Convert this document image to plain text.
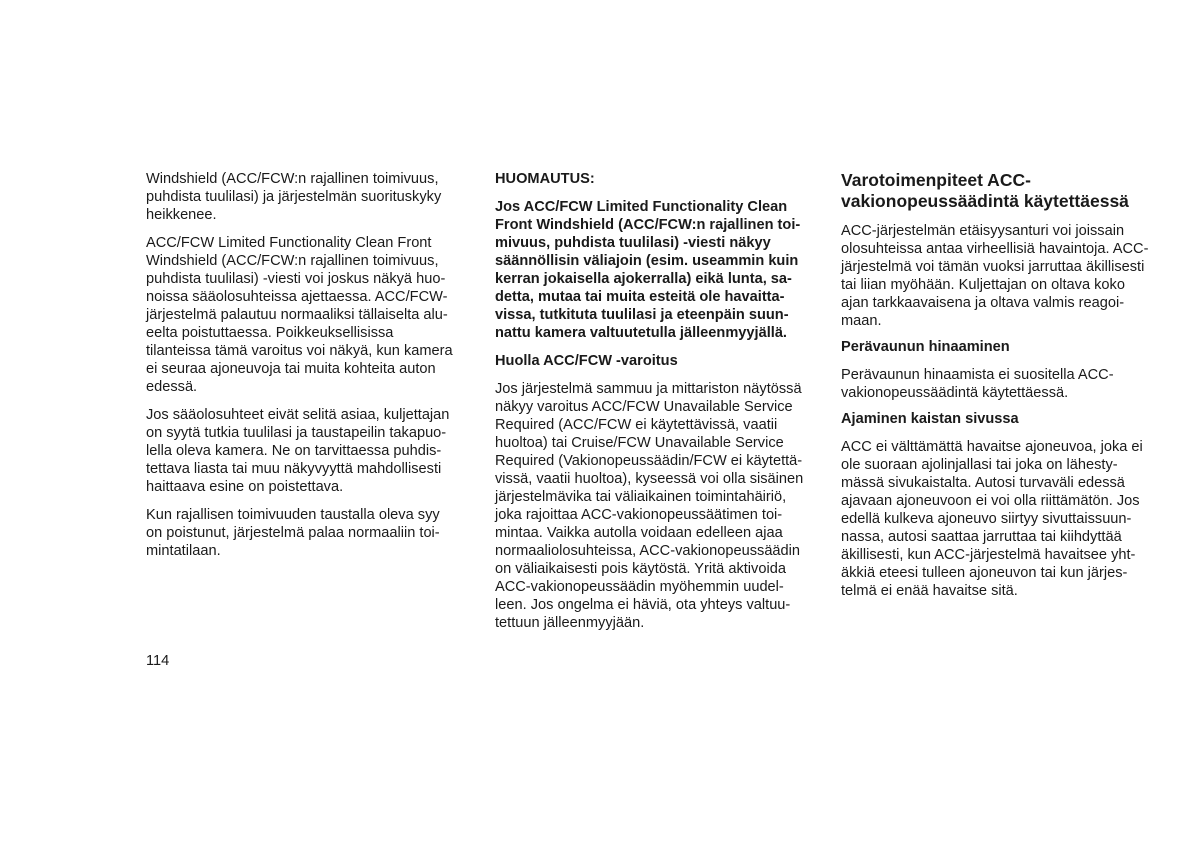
Windshield (ACC/FCW:n rajallinen toimivuus,
puhdista tuulilasi) ja järjestelmän suorituskyky
heikkenee.

ACC/FCW Limited Functionality Clean Front
Windshield (ACC/FCW:n rajallinen toimivuus,
puhdista tuulilasi) -viesti voi joskus näkyä huo-
noissa sääolosuhteissa ajettaessa. ACC/FCW-
järjestelmä palautuu normaaliksi tällaiselta alu-
eelta poistuttaessa. Poikkeuksellisissa
tilanteissa tämä varoitus voi näkyä, kun kamera
ei seuraa ajoneuvoja tai muita kohteita auton
edessä.

Jos sääolosuhteet eivät selitä asiaa, kuljettajan
on syytä tutkia tuulilasi ja taustapeilin takapuo-
lella oleva kamera. Ne on tarvittaessa puhdis-
tettava liasta tai muu näkyvyyttä mahdollisesti
haittaava esine on poistettava.

Kun rajallisen toimivuuden taustalla oleva syy
on poistunut, järjestelmä palaa normaaliin toi-
mintatilaan.

HUOMAUTUS:

Jos ACC/FCW Limited Functionality Clean
Front Windshield (ACC/FCW:n rajallinen toi-
mivuus, puhdista tuulilasi) -viesti näkyy
säännöllisin väliajoin (esim. useammin kuin
kerran jokaisella ajokerralla) eikä lunta, sa-
detta, mutaa tai muita esteitä ole havaitta-
vissa, tutkituta tuulilasi ja eteenpäin suun-
nattu kamera valtuutetulla jälleenmyyjällä.

Huolla ACC/FCW -varoitus

Jos järjestelmä sammuu ja mittariston näytössä
näkyy varoitus ACC/FCW Unavailable Service
Required (ACC/FCW ei käytettävissä, vaatii
huoltoa) tai Cruise/FCW Unavailable Service
Required (Vakionopeussäädin/FCW ei käytettä-
vissä, vaatii huoltoa), kyseessä voi olla sisäinen
järjestelmävika tai väliaikainen toimintahäiriö,
joka rajoittaa ACC-vakionopeussäätimen toi-
mintaa. Vaikka autolla voidaan edelleen ajaa
normaaliolosuhteissa, ACC-vakionopeussäädin
on väliaikaisesti pois käytöstä. Yritä aktivoida
ACC-vakionopeussäädin myöhemmin uudel-
leen. Jos ongelma ei häviä, ota yhteys valtuu-
tettuun jälleenmyyjään.

Varotoimenpiteet ACC-
vakionopeussäädintä käytettäessä

ACC-järjestelmän etäisyysanturi voi joissain
olosuhteissa antaa virheellisiä havaintoja. ACC-
järjestelmä voi tämän vuoksi jarruttaa äkillisesti
tai liian myöhään. Kuljettajan on oltava koko
ajan tarkkaavaisena ja oltava valmis reagoi-
maan.

Perävaunun hinaaminen

Perävaunun hinaamista ei suositella ACC-
vakionopeussäädintä käytettäessä.

Ajaminen kaistan sivussa

ACC ei välttämättä havaitse ajoneuvoa, joka ei
ole suoraan ajolinjallasi tai joka on lähesty-
mässä sivukaistalta. Autosi turvaväli edessä
ajavaan ajoneuvoon ei voi olla riittämätön. Jos
edellä kulkeva ajoneuvo siirtyy sivuttaissuun-
nassa, autosi saattaa jarruttaa tai kiihdyttää
äkillisesti, kun ACC-järjestelmä havaitsee yht-
äkkiä eteesi tulleen ajoneuvon tai kun järjes-
telmä ei enää havaitse sitä.

114
